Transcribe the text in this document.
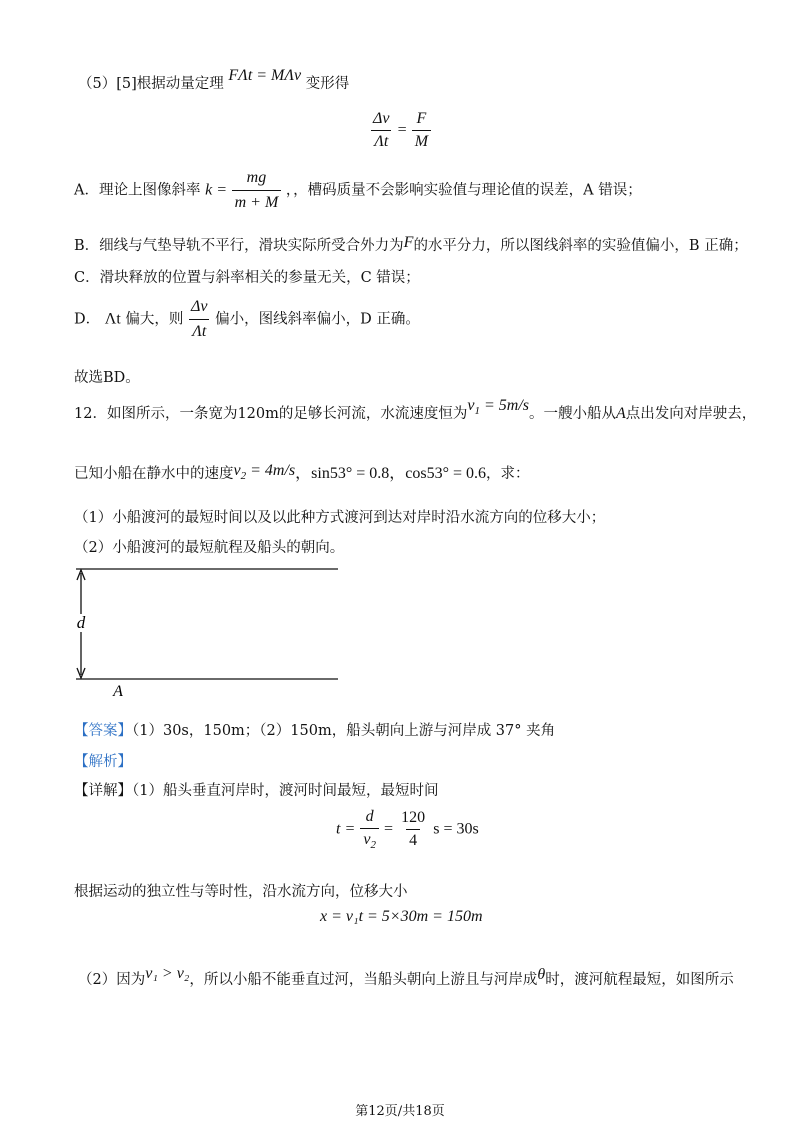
（5）[5]根据动量定理 FΛt = MΛv 变形得
$\frac{\Delta v}{\Lambda t} = \frac{F}{M}$
A．理论上图像斜率 $k = \frac{mg}{m + M}$ ，，槽码质量不会影响实验值与理论值的误差，A 错误；
B．细线与气垫导轨不平行，滑块实际所受合外力为F的水平分力，所以图线斜率的实验值偏小，B 正确；
C．滑块释放的位置与斜率相关的参量无关，C 错误；
D． Λt 偏大，则 $\frac{\Delta v}{\Lambda t}$ 偏小，图线斜率偏小，D 正确。
故选BD。
12．如图所示，一条宽为120m的足够长河流，水流速度恒为$v_1 = 5m/s$。一艘小船从A点出发向对岸驶去，
已知小船在静水中的速度$v_2 = 4m/s$，sin53° = 0.8，cos53° = 0.6，求：
（1）小船渡河的最短时间以及以此种方式渡河到达对岸时沿水流方向的位移大小；
（2）小船渡河的最短航程及船头的朝向。
d
A
【答案】（1）30s，150m；（2）150m，船头朝向上游与河岸成 37° 夹角
【解析】
【详解】（1）船头垂直河岸时，渡河时间最短，最短时间
$t = \frac{d}{v_2} = \frac{120}{4}$ s = 30s
根据运动的独立性与等时性，沿水流方向，位移大小
x = v₁t = 5×30m = 150m
（2）因为v₁ > v₂，所以小船不能垂直过河，当船头朝向上游且与河岸成θ时，渡河航程最短，如图所示
第12页/共18页
